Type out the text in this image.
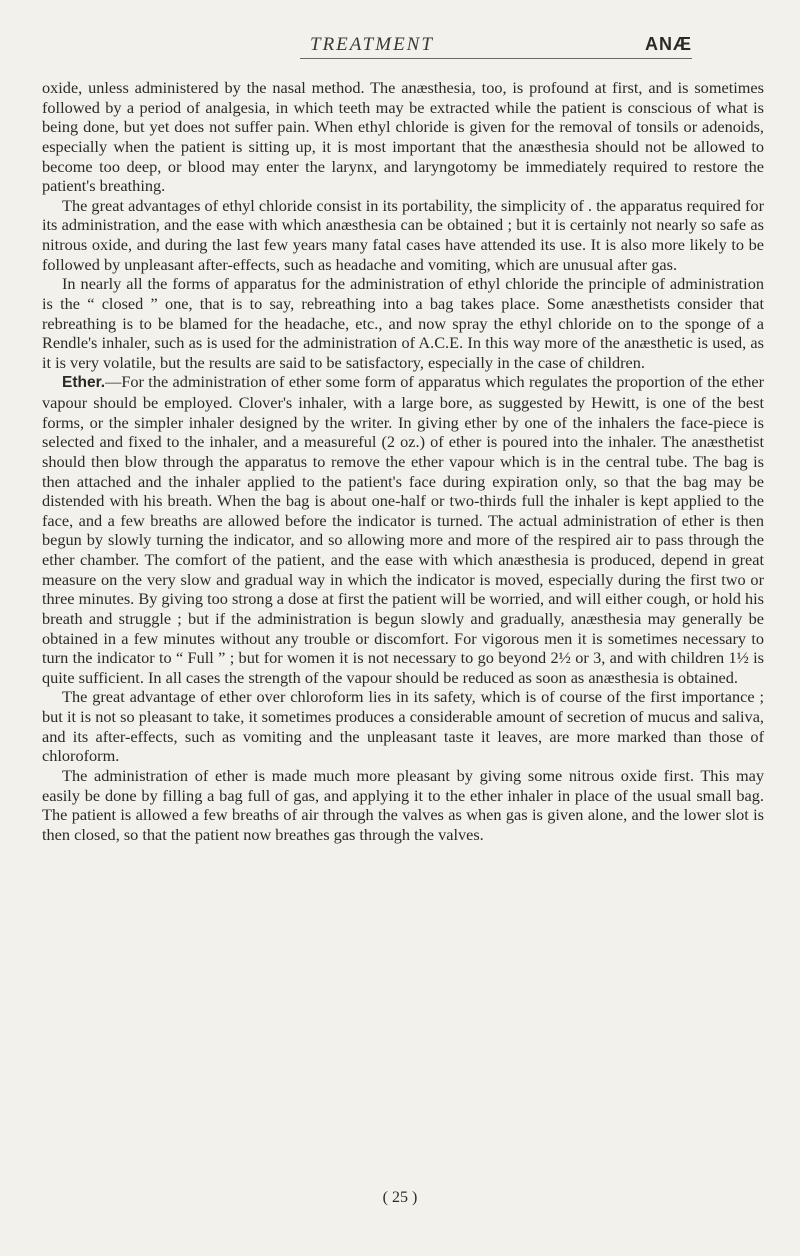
TREATMENT	ANÆ

oxide, unless administered by the nasal method. The anæsthesia, too, is profound at first, and is sometimes followed by a period of analgesia, in which teeth may be extracted while the patient is conscious of what is being done, but yet does not suffer pain. When ethyl chloride is given for the removal of tonsils or adenoids, especially when the patient is sitting up, it is most important that the anæsthesia should not be allowed to become too deep, or blood may enter the larynx, and laryngotomy be immediately required to restore the patient's breathing.

The great advantages of ethyl chloride consist in its portability, the simplicity of . the apparatus required for its administration, and the ease with which anæsthesia can be obtained ; but it is certainly not nearly so safe as nitrous oxide, and during the last few years many fatal cases have attended its use. It is also more likely to be followed by unpleasant after-effects, such as headache and vomiting, which are unusual after gas.

In nearly all the forms of apparatus for the administration of ethyl chloride the principle of administration is the “ closed ” one, that is to say, rebreathing into a bag takes place. Some anæsthetists consider that rebreathing is to be blamed for the headache, etc., and now spray the ethyl chloride on to the sponge of a Rendle's inhaler, such as is used for the administration of A.C.E. In this way more of the anæsthetic is used, as it is very volatile, but the results are said to be satisfactory, especially in the case of children.

Ether.—For the administration of ether some form of apparatus which regulates the proportion of the ether vapour should be employed. Clover's inhaler, with a large bore, as suggested by Hewitt, is one of the best forms, or the simpler inhaler designed by the writer. In giving ether by one of the inhalers the face-piece is selected and fixed to the inhaler, and a measureful (2 oz.) of ether is poured into the inhaler. The anæsthetist should then blow through the apparatus to remove the ether vapour which is in the central tube. The bag is then attached and the inhaler applied to the patient's face during expiration only, so that the bag may be distended with his breath. When the bag is about one-half or two-thirds full the inhaler is kept applied to the face, and a few breaths are allowed before the indicator is turned. The actual administration of ether is then begun by slowly turning the indicator, and so allowing more and more of the respired air to pass through the ether chamber. The comfort of the patient, and the ease with which anæsthesia is produced, depend in great measure on the very slow and gradual way in which the indicator is moved, especially during the first two or three minutes. By giving too strong a dose at first the patient will be worried, and will either cough, or hold his breath and struggle ; but if the administration is begun slowly and gradually, anæsthesia may generally be obtained in a few minutes without any trouble or discomfort. For vigorous men it is sometimes necessary to turn the indicator to “ Full ” ; but for women it is not necessary to go beyond 2½ or 3, and with children 1½ is quite sufficient. In all cases the strength of the vapour should be reduced as soon as anæsthesia is obtained.

The great advantage of ether over chloroform lies in its safety, which is of course of the first importance ; but it is not so pleasant to take, it sometimes produces a considerable amount of secretion of mucus and saliva, and its after-effects, such as vomiting and the unpleasant taste it leaves, are more marked than those of chloroform.

The administration of ether is made much more pleasant by giving some nitrous oxide first. This may easily be done by filling a bag full of gas, and applying it to the ether inhaler in place of the usual small bag. The patient is allowed a few breaths of air through the valves as when gas is given alone, and the lower slot is then closed, so that the patient now breathes gas through the valves.

( 25 )
